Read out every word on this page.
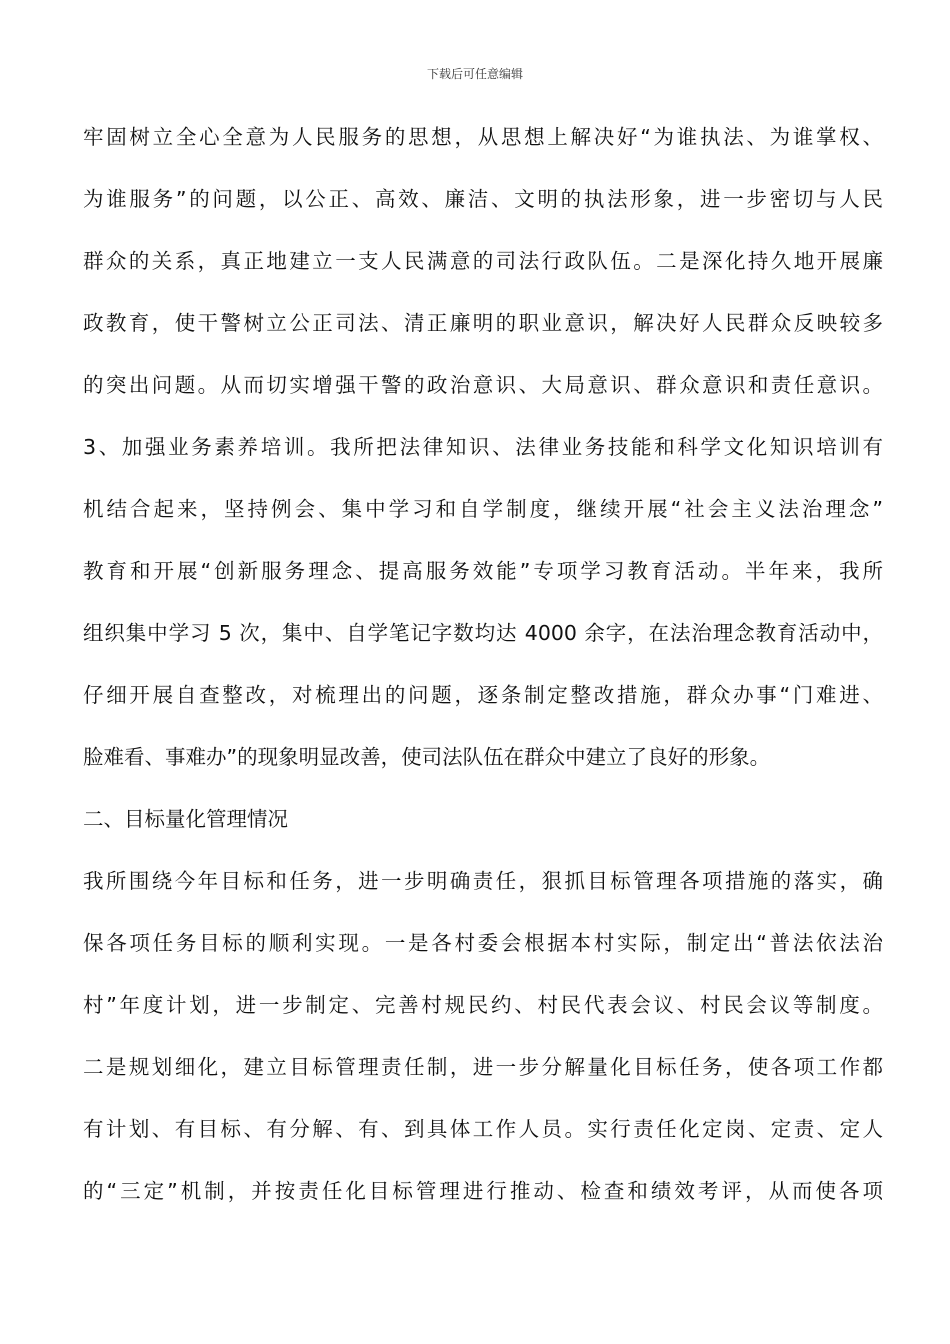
下载后可任意编辑
牢固树立全心全意为人民服务的思想，从思想上解决好“为谁执法、为谁掌权、
为谁服务”的问题，以公正、高效、廉洁、文明的执法形象，进一步密切与人民
群众的关系，真正地建立一支人民满意的司法行政队伍。二是深化持久地开展廉
政教育，使干警树立公正司法、清正廉明的职业意识，解决好人民群众反映较多
的突出问题。从而切实增强干警的政治意识、大局意识、群众意识和责任意识。
3、加强业务素养培训。我所把法律知识、法律业务技能和科学文化知识培训有
机结合起来，坚持例会、集中学习和自学制度，继续开展“社会主义法治理念”
教育和开展“创新服务理念、提高服务效能”专项学习教育活动。半年来，我所
组织集中学习 5 次，集中、自学笔记字数均达 4000 余字，在法治理念教育活动中，
仔细开展自查整改，对梳理出的问题，逐条制定整改措施，群众办事“门难进、
脸难看、事难办”的现象明显改善，使司法队伍在群众中建立了良好的形象。
二、目标量化管理情况
我所围绕今年目标和任务，进一步明确责任，狠抓目标管理各项措施的落实，确
保各项任务目标的顺利实现。一是各村委会根据本村实际，制定出“普法依法治
村”年度计划，进一步制定、完善村规民约、村民代表会议、村民会议等制度。
二是规划细化，建立目标管理责任制，进一步分解量化目标任务，使各项工作都
有计划、有目标、有分解、有、到具体工作人员。实行责任化定岗、定责、定人
的“三定”机制，并按责任化目标管理进行推动、检查和绩效考评，从而使各项
